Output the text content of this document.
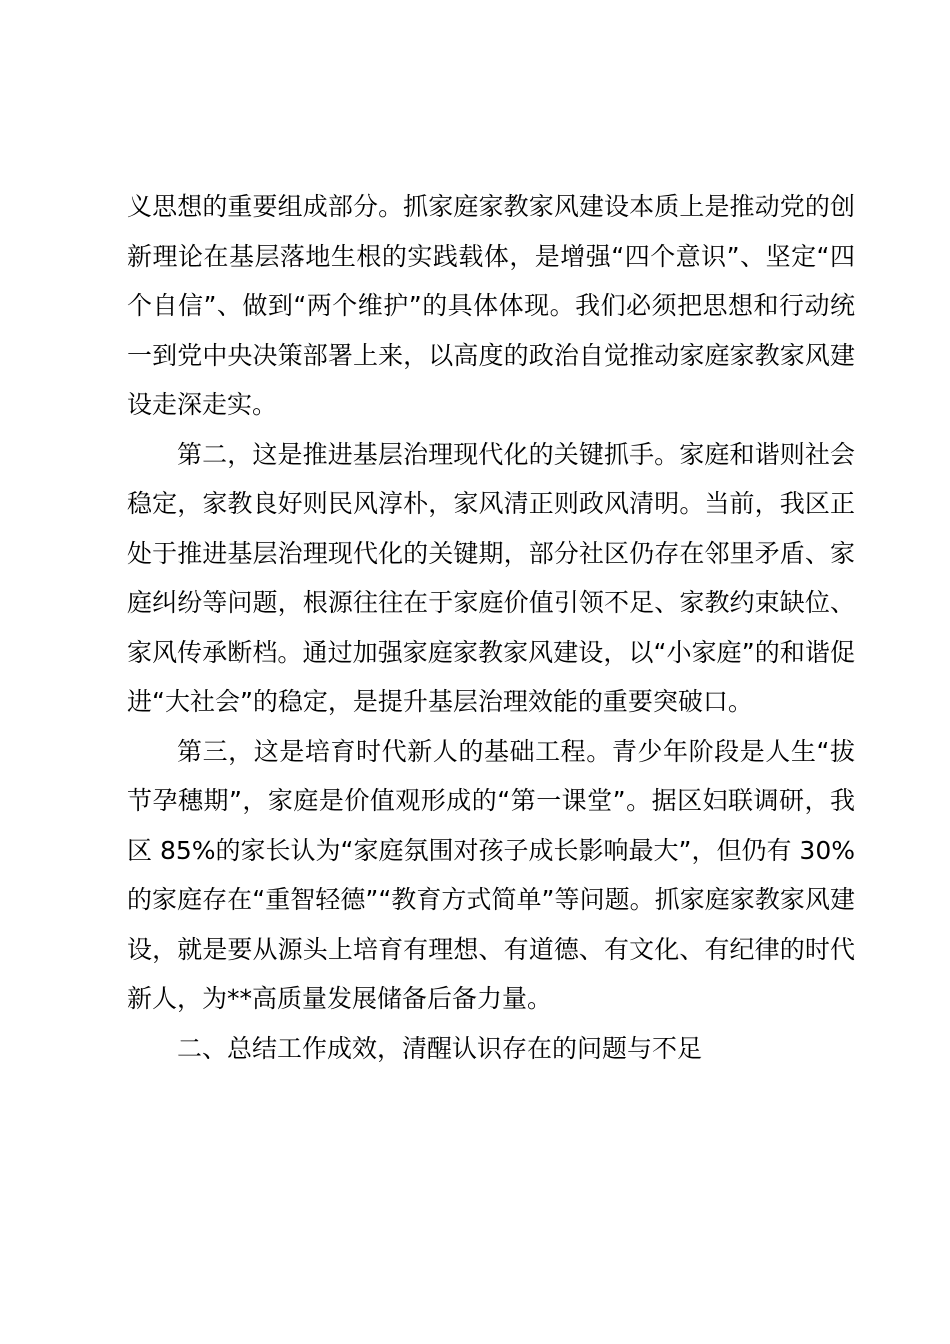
义思想的重要组成部分。抓家庭家教家风建设本质上是推动党的创新理论在基层落地生根的实践载体，是增强“四个意识”、坚定“四个自信”、做到“两个维护”的具体体现。我们必须把思想和行动统一到党中央决策部署上来，以高度的政治自觉推动家庭家教家风建设走深走实。

第二，这是推进基层治理现代化的关键抓手。家庭和谐则社会稳定，家教良好则民风淳朴，家风清正则政风清明。当前，我区正处于推进基层治理现代化的关键期，部分社区仍存在邻里矛盾、家庭纠纷等问题，根源往往在于家庭价值引领不足、家教约束缺位、家风传承断档。通过加强家庭家教家风建设，以“小家庭”的和谐促进“大社会”的稳定，是提升基层治理效能的重要突破口。

第三，这是培育时代新人的基础工程。青少年阶段是人生“拔节孕穗期”，家庭是价值观形成的“第一课堂”。据区妇联调研，我区 85%的家长认为“家庭氛围对孩子成长影响最大”，但仍有 30%的家庭存在“重智轻德”“教育方式简单”等问题。抓家庭家教家风建设，就是要从源头上培育有理想、有道德、有文化、有纪律的时代新人，为**高质量发展储备后备力量。

二、总结工作成效，清醒认识存在的问题与不足
